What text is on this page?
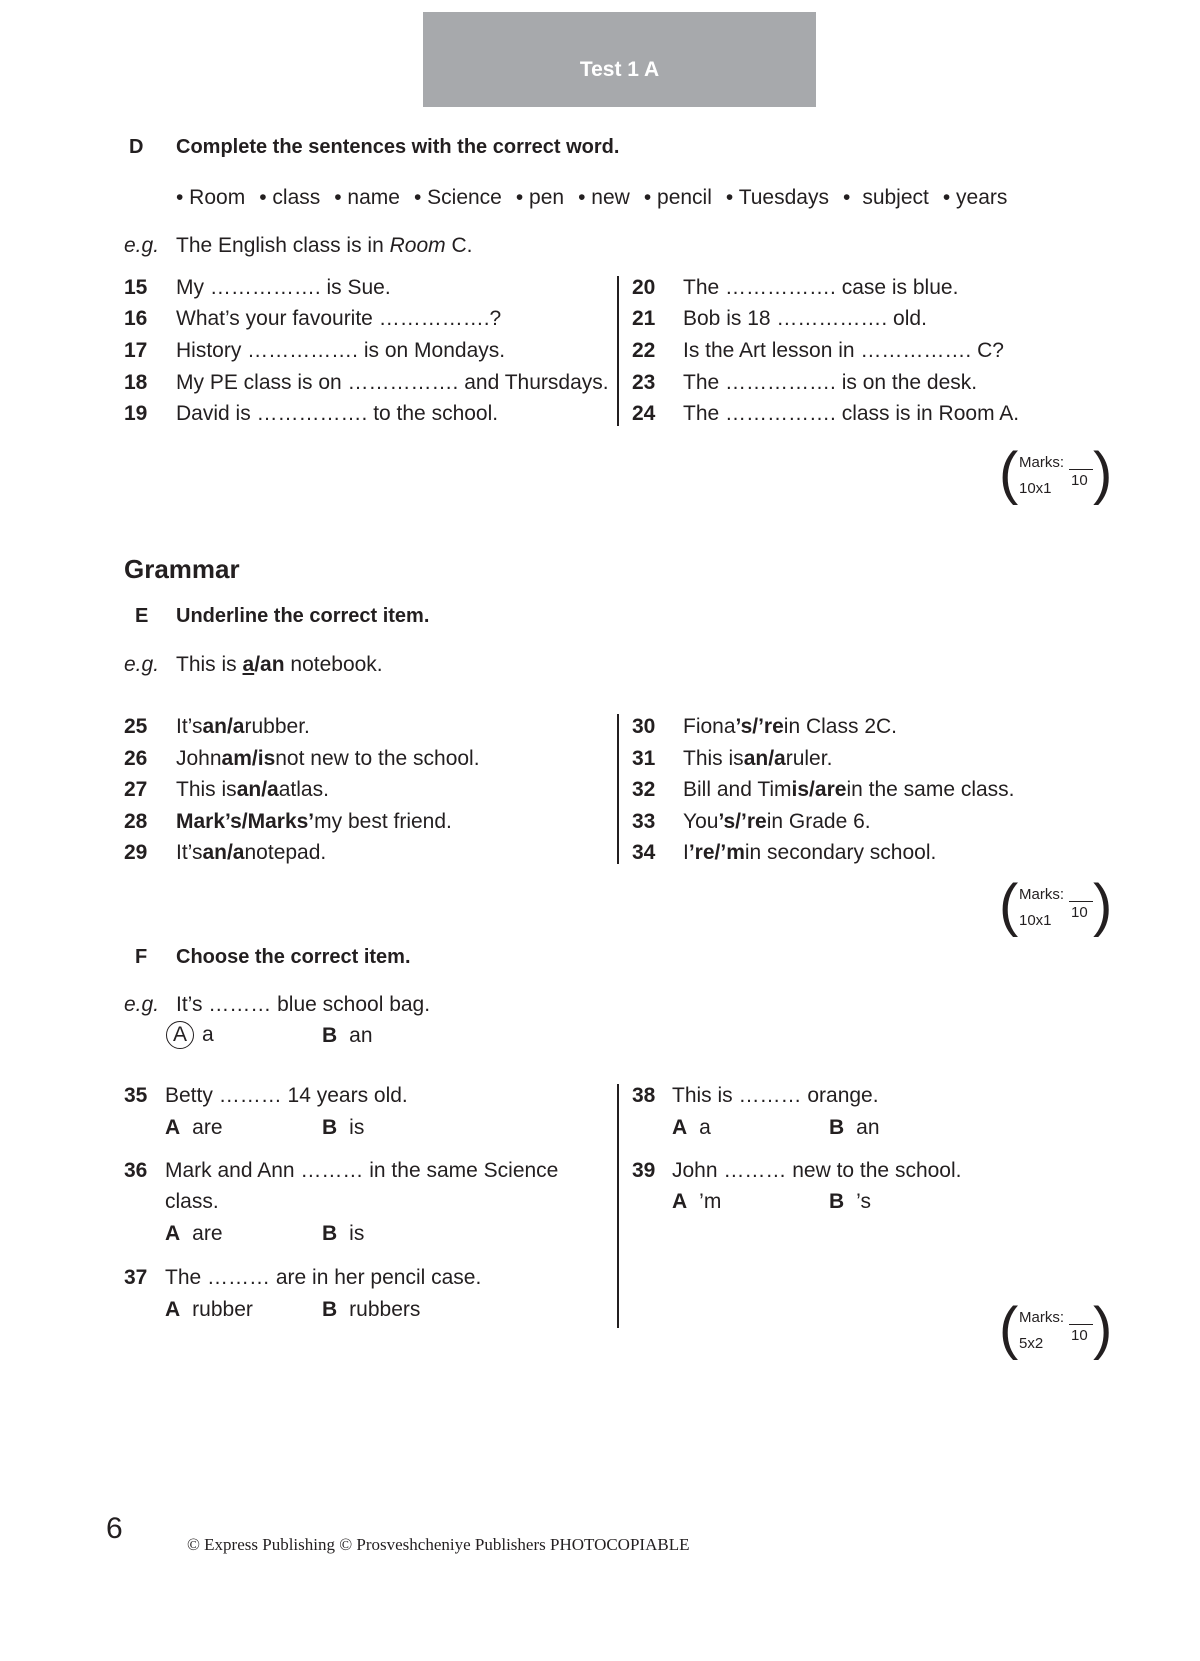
Test 1 A
D Complete the sentences with the correct word.
• Room • class • name • Science • pen • new • pencil • Tuesdays • subject • years
e.g. The English class is in Room C.
15	My ……………. is Sue.
16	What’s your favourite …………….?
17	History ……………. is on Mondays.
18	My PE class is on ……………. and Thursdays.
19	David is ……………. to the school.
20	The ……………. case is blue.
21	Bob is 18 ……………. old.
22	Is the Art lesson in ……………. C?
23	The ……………. is on the desk.
24	The ……………. class is in Room A.
( Marks:
10x1 10 )
Grammar
E Underline the correct item.
e.g. This is a/an notebook.
25	It’s an/a rubber.
26	John am/is not new to the school.
27	This is an/a atlas.
28	Mark’s/Marks’ my best friend.
29	It’s an/a notepad.
30	Fiona ’s/’re in Class 2C.
31	This is an/a ruler.
32	Bill and Tim is/are in the same class.
33	You ’s/’re in Grade 6.
34	I ’re/’m in secondary school.
( Marks:
10x1 10 )
F Choose the correct item.
e.g. It’s ……… blue school bag.
A a	B an
35 Betty ……… 14 years old.
A are	B is
36 Mark and Ann ……… in the same Science
class.
A are	B is
37 The ……… are in her pencil case.
A rubber	B rubbers
38 This is ……… orange.
A a	B an
39 John ……… new to the school.
A ’m	B ’s
( Marks:
5x2 10 )
6	© Express Publishing © Prosveshcheniye Publishers PHOTOCOPIABLE
